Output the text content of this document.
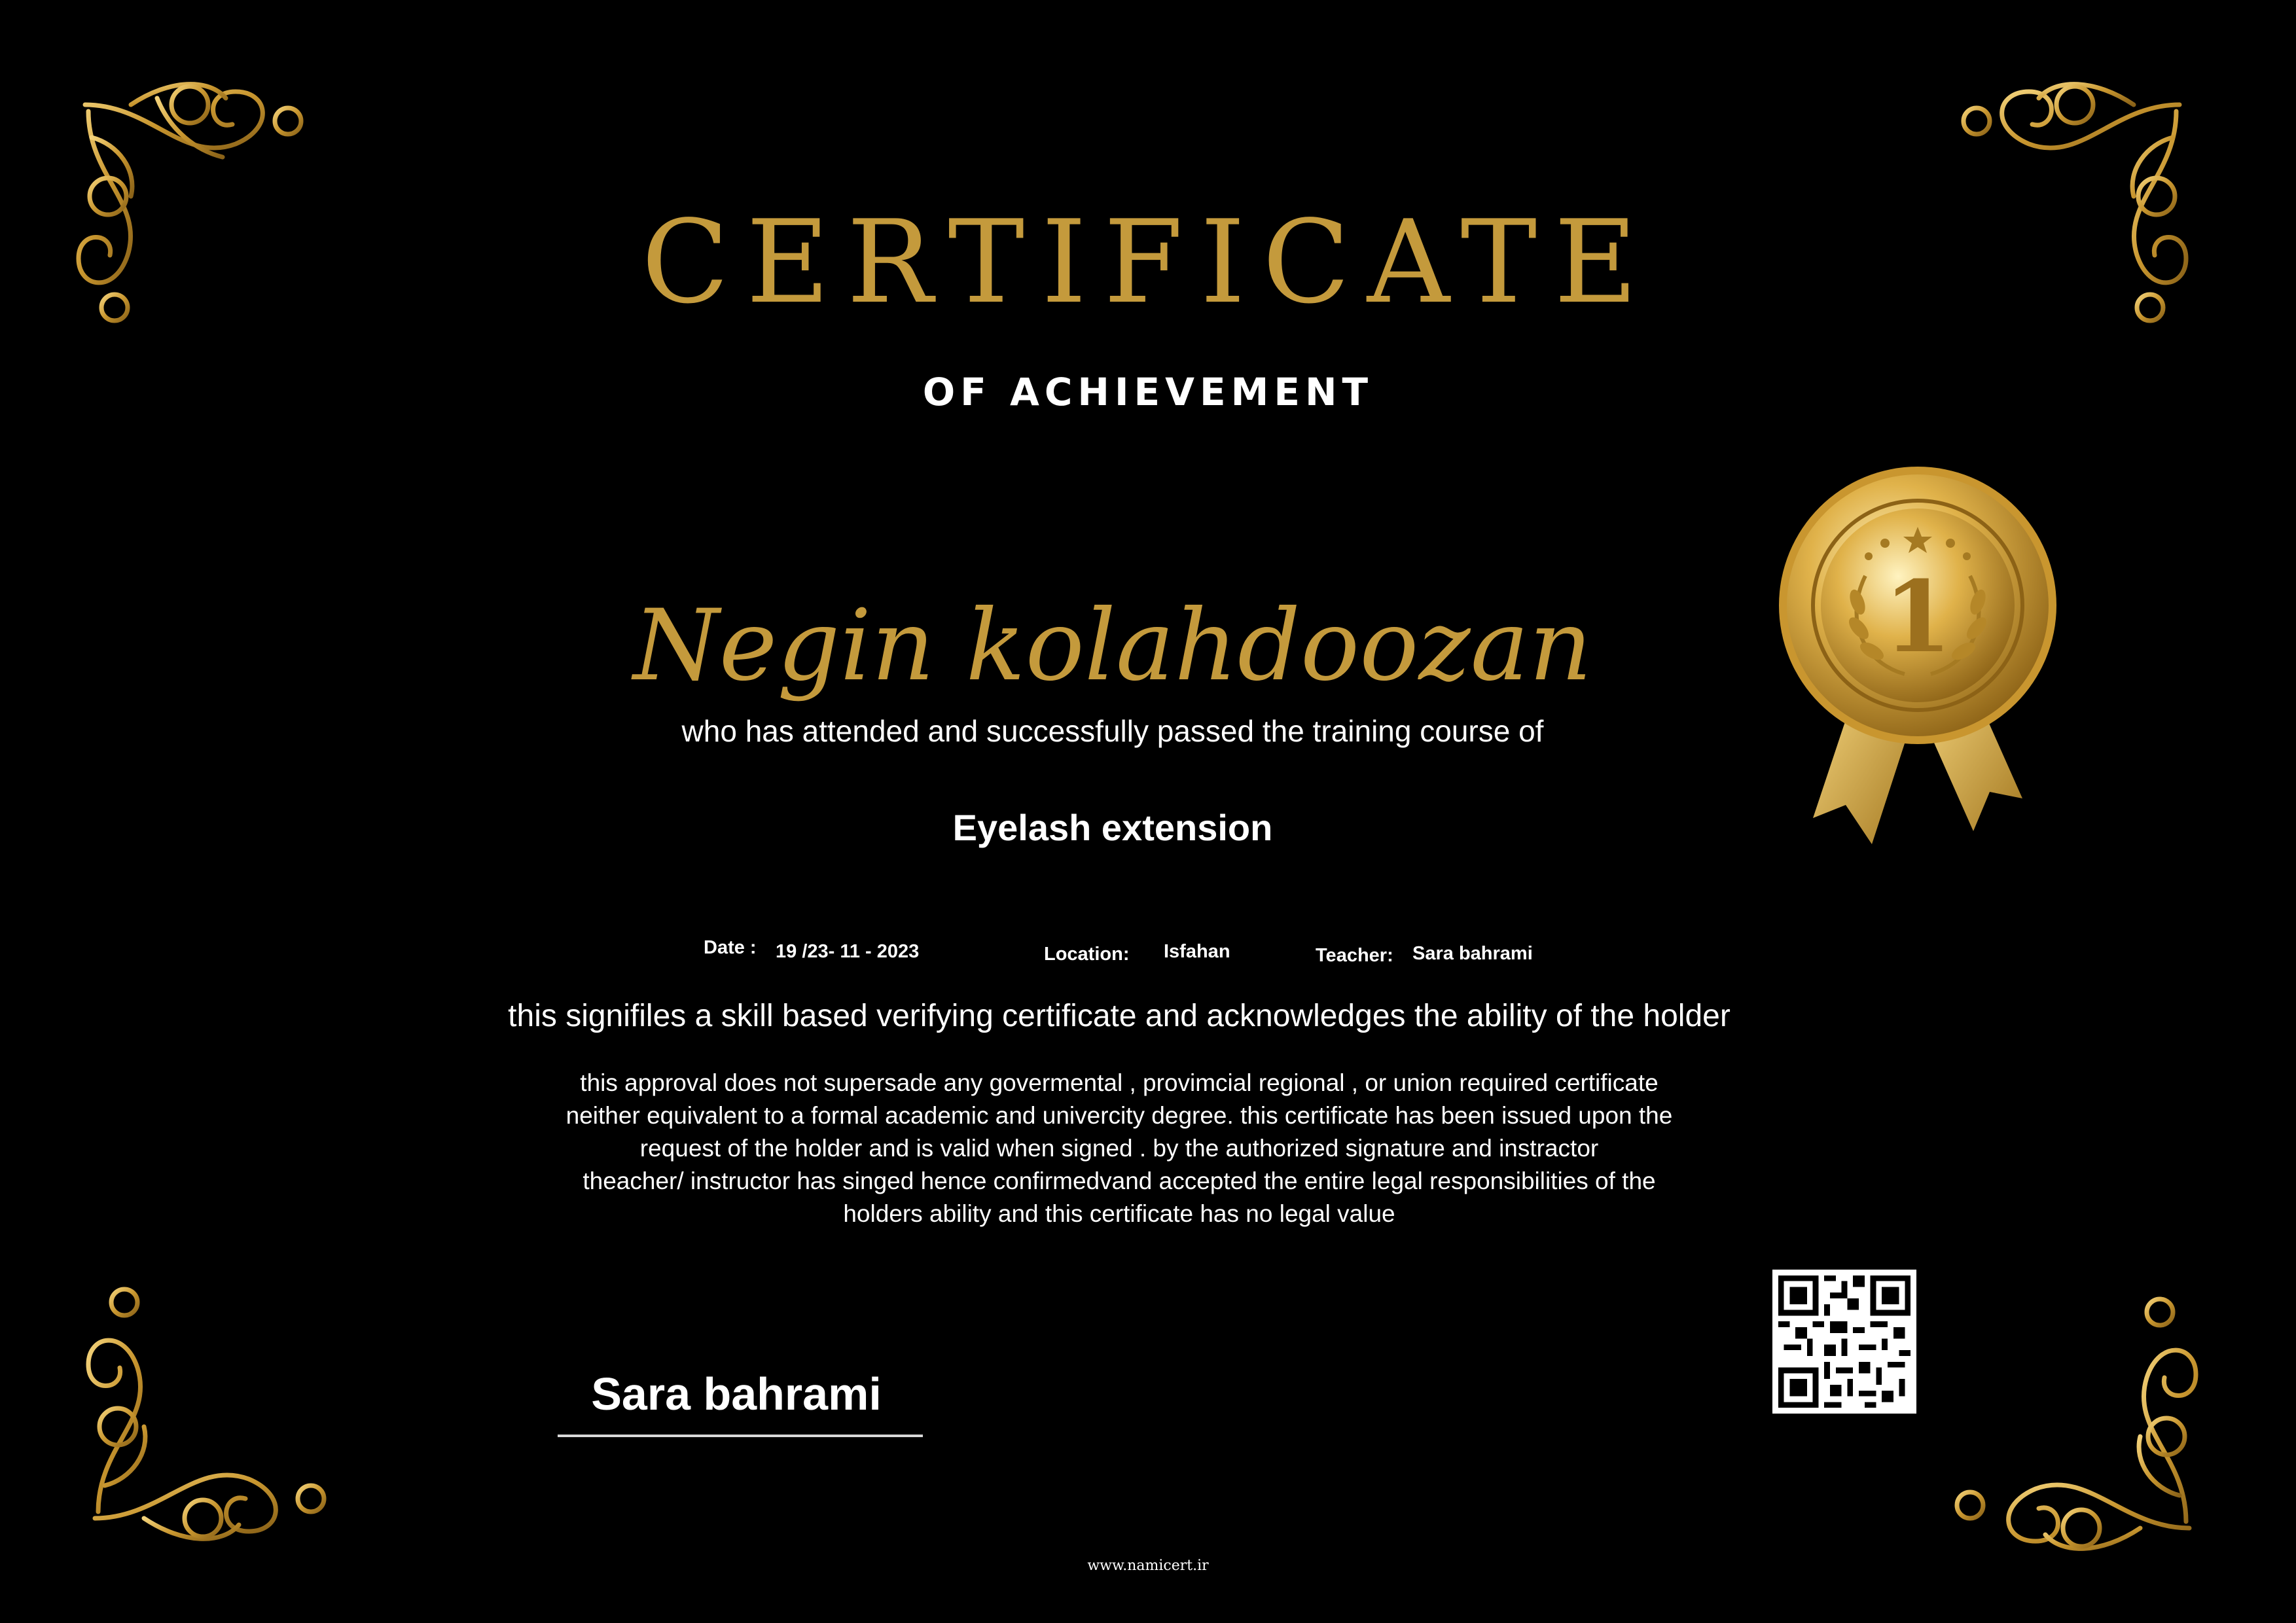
CERTIFICATE
OF ACHIEVEMENT
1
Negin kolahdoozan
who has attended and successfully passed the training course of
Eyelash extension
Date : 19 /23- 11 - 2023	Location: Isfahan	Teacher: Sara bahrami
this signifiles a skill based verifying certificate and acknowledges the ability of the holder
this approval does not supersade any govermental , provimcial regional , or union required certificate
neither equivalent to a formal academic and univercity degree. this certificate has been issued upon the
request of the holder and is valid when signed . by the authorized signature and instractor
theacher/ instructor has singed hence confirmedvand accepted the entire legal responsibilities of the
holders ability and this certificate has no legal value
Sara bahrami
www.namicert.ir
